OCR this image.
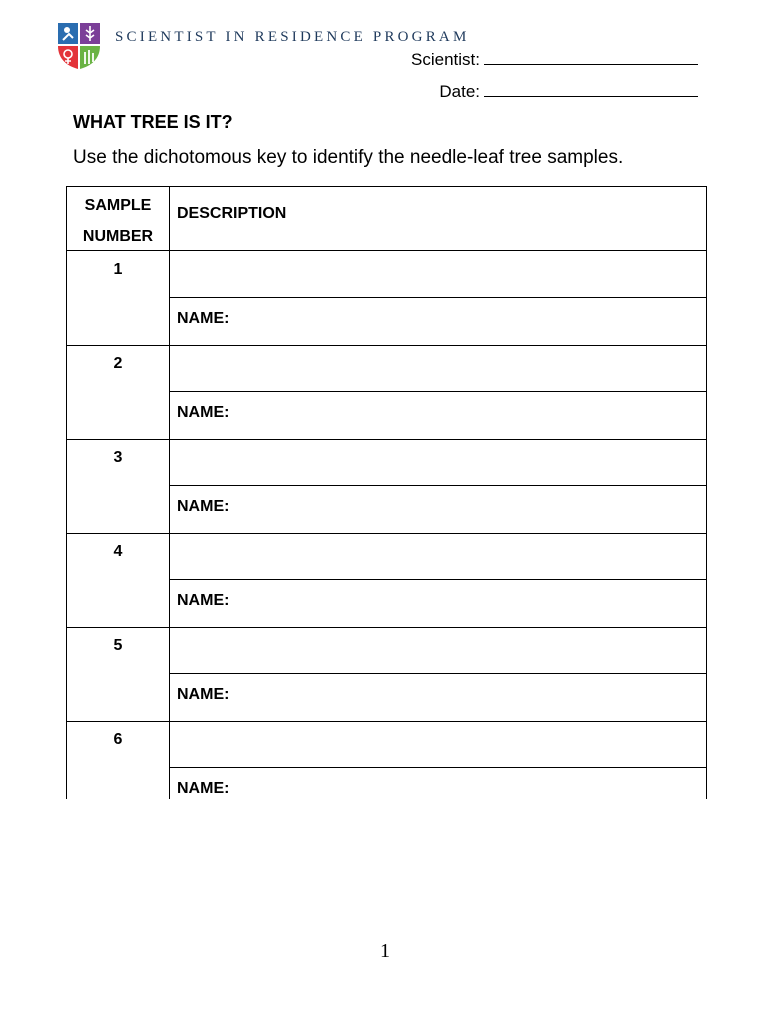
SCIENTIST IN RESIDENCE PROGRAM
Scientist:
Date:
WHAT TREE IS IT?
Use the dichotomous key to identify the needle-leaf tree samples.
SAMPLE
NUMBER
DESCRIPTION
1
NAME:
2
NAME:
3
NAME:
4
NAME:
5
NAME:
6
NAME:
1
